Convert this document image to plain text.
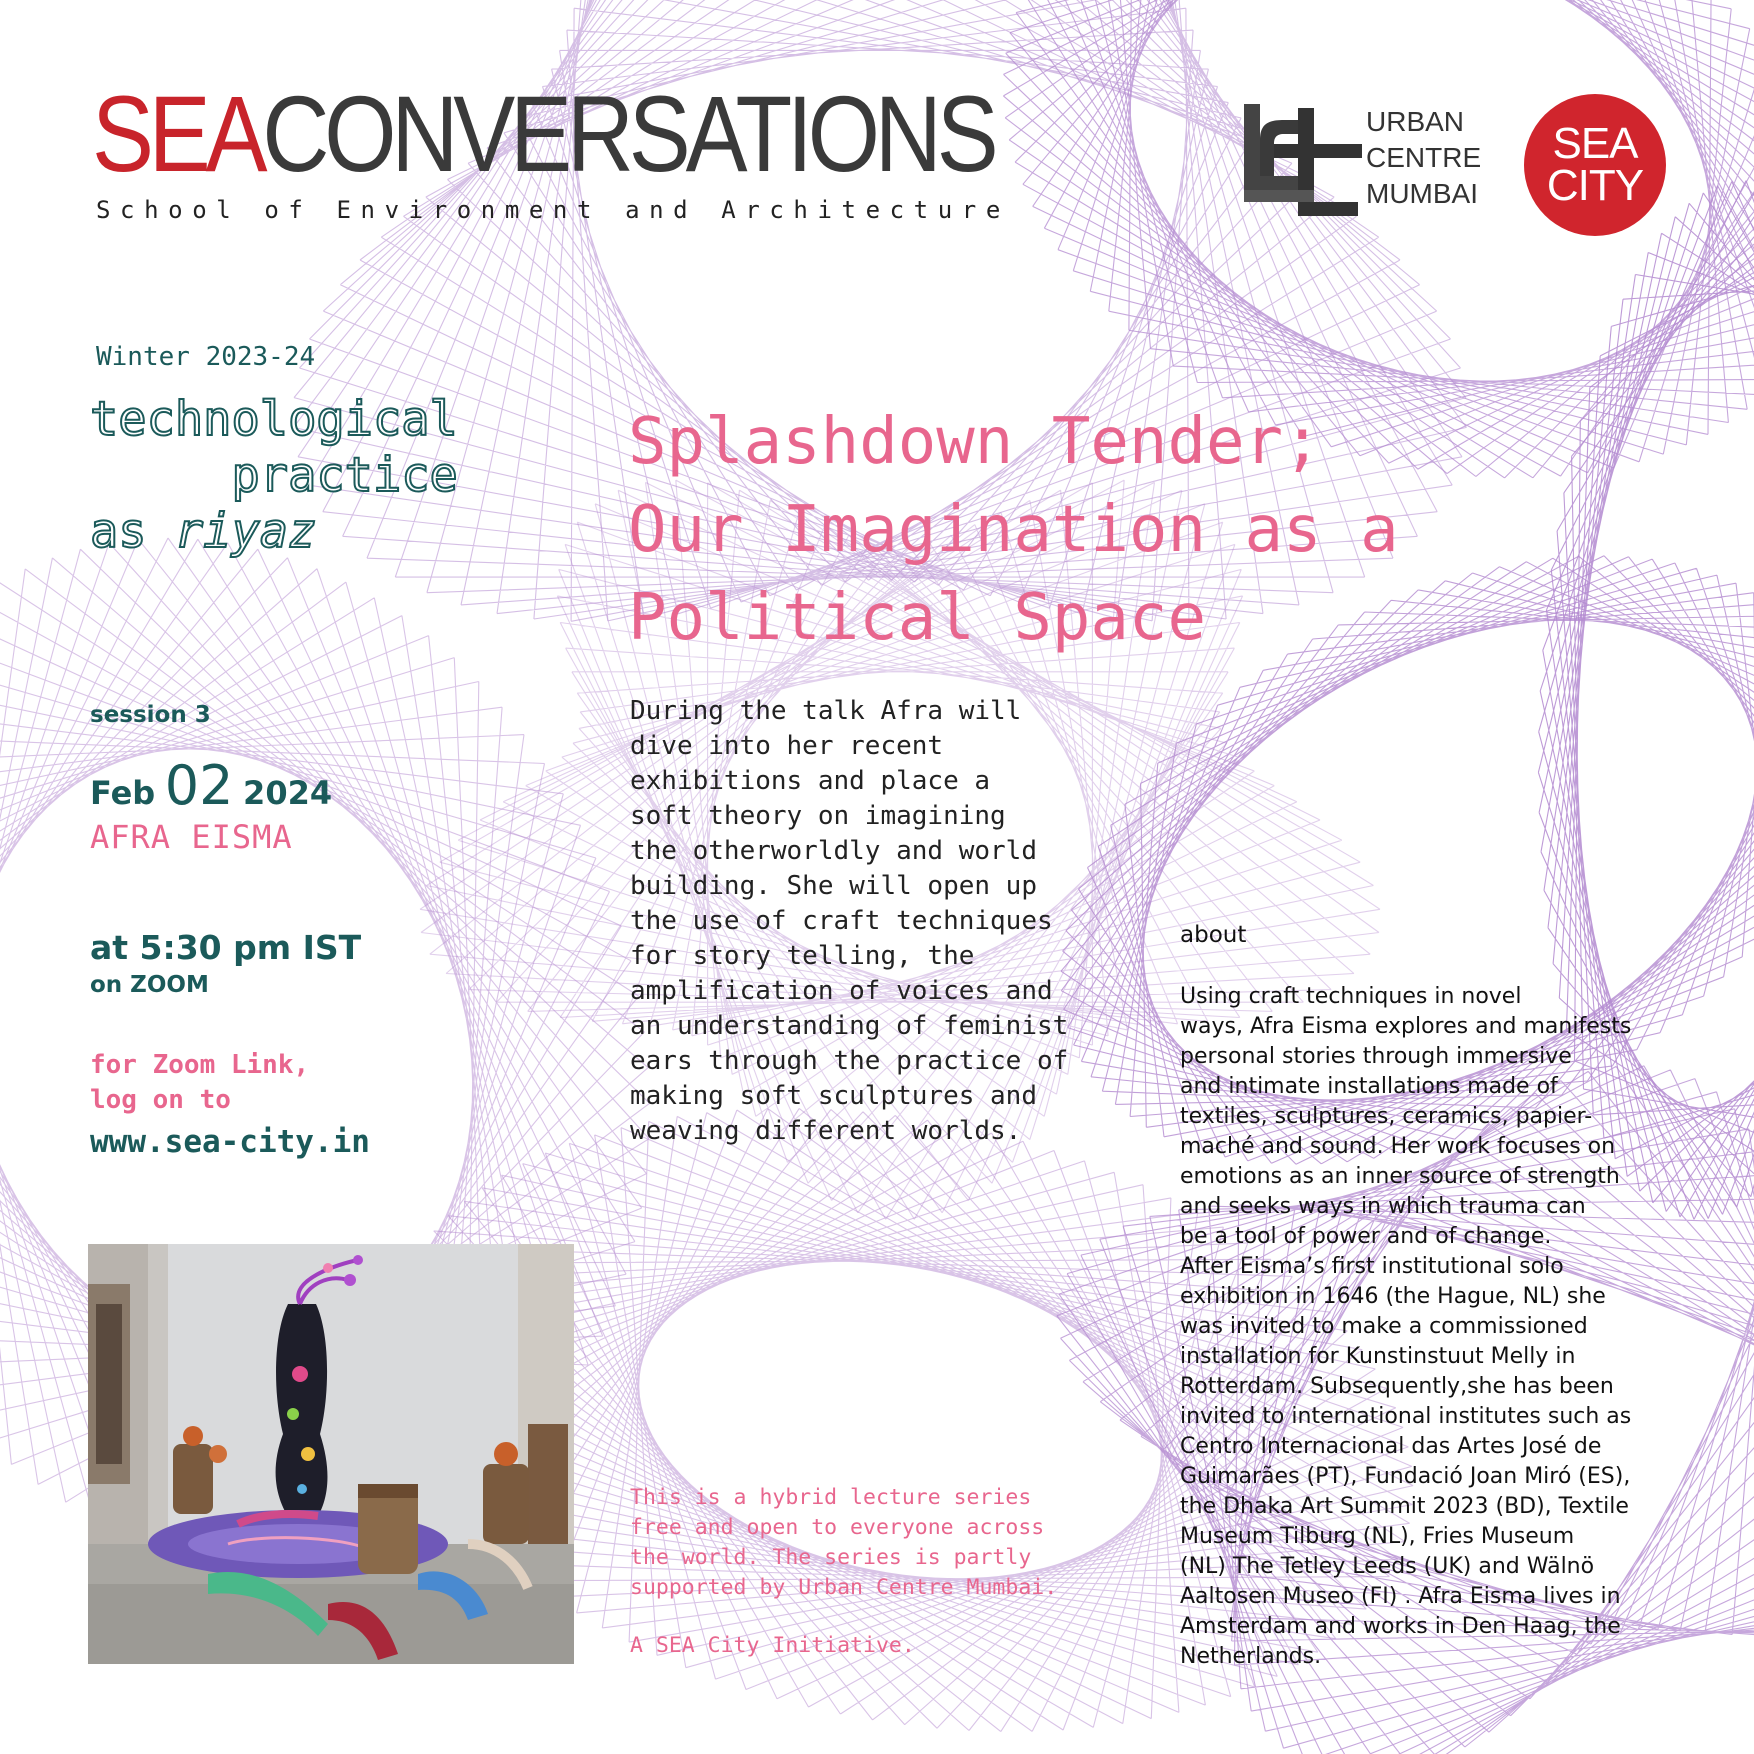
SEACONVERSATIONS
School of Environment and Architecture
URBAN
CENTRE
MUMBAI
SEA
CITY
Winter 2023-24
technological
practice
as riyaz
Splashdown Tender;
Our Imagination as a
Political Space
session 3
Feb 02 2024
AFRA EISMA
at 5:30 pm IST
on ZOOM
for Zoom Link,
log on to
www.sea-city.in
During the talk Afra will
dive into her recent
exhibitions and place a
soft theory on imagining
the otherworldly and world
building. She will open up
the use of craft techniques
for story telling, the
amplification of voices and
an understanding of feminist
ears through the practice of
making soft sculptures and
weaving different worlds.
about
Using craft techniques in novel
ways, Afra Eisma explores and manifests
personal stories through immersive
and intimate installations made of
textiles, sculptures, ceramics, papier-
maché and sound. Her work focuses on
emotions as an inner source of strength
and seeks ways in which trauma can
be a tool of power and of change.
After Eisma’s first institutional solo
exhibition in 1646 (the Hague, NL) she
was invited to make a commissioned
installation for Kunstinstuut Melly in
Rotterdam. Subsequently,she has been
invited to international institutes such as
Centro Internacional das Artes José de
Guimarães (PT), Fundació Joan Miró (ES),
the Dhaka Art Summit 2023 (BD), Textile
Museum Tilburg (NL), Fries Museum
(NL) The Tetley Leeds (UK) and Wälnö
Aaltosen Museo (FI) . Afra Eisma lives in
Amsterdam and works in Den Haag, the
Netherlands.
This is a hybrid lecture series
free and open to everyone across
the world. The series is partly
supported by Urban Centre Mumbai.
A SEA City Initiative.
